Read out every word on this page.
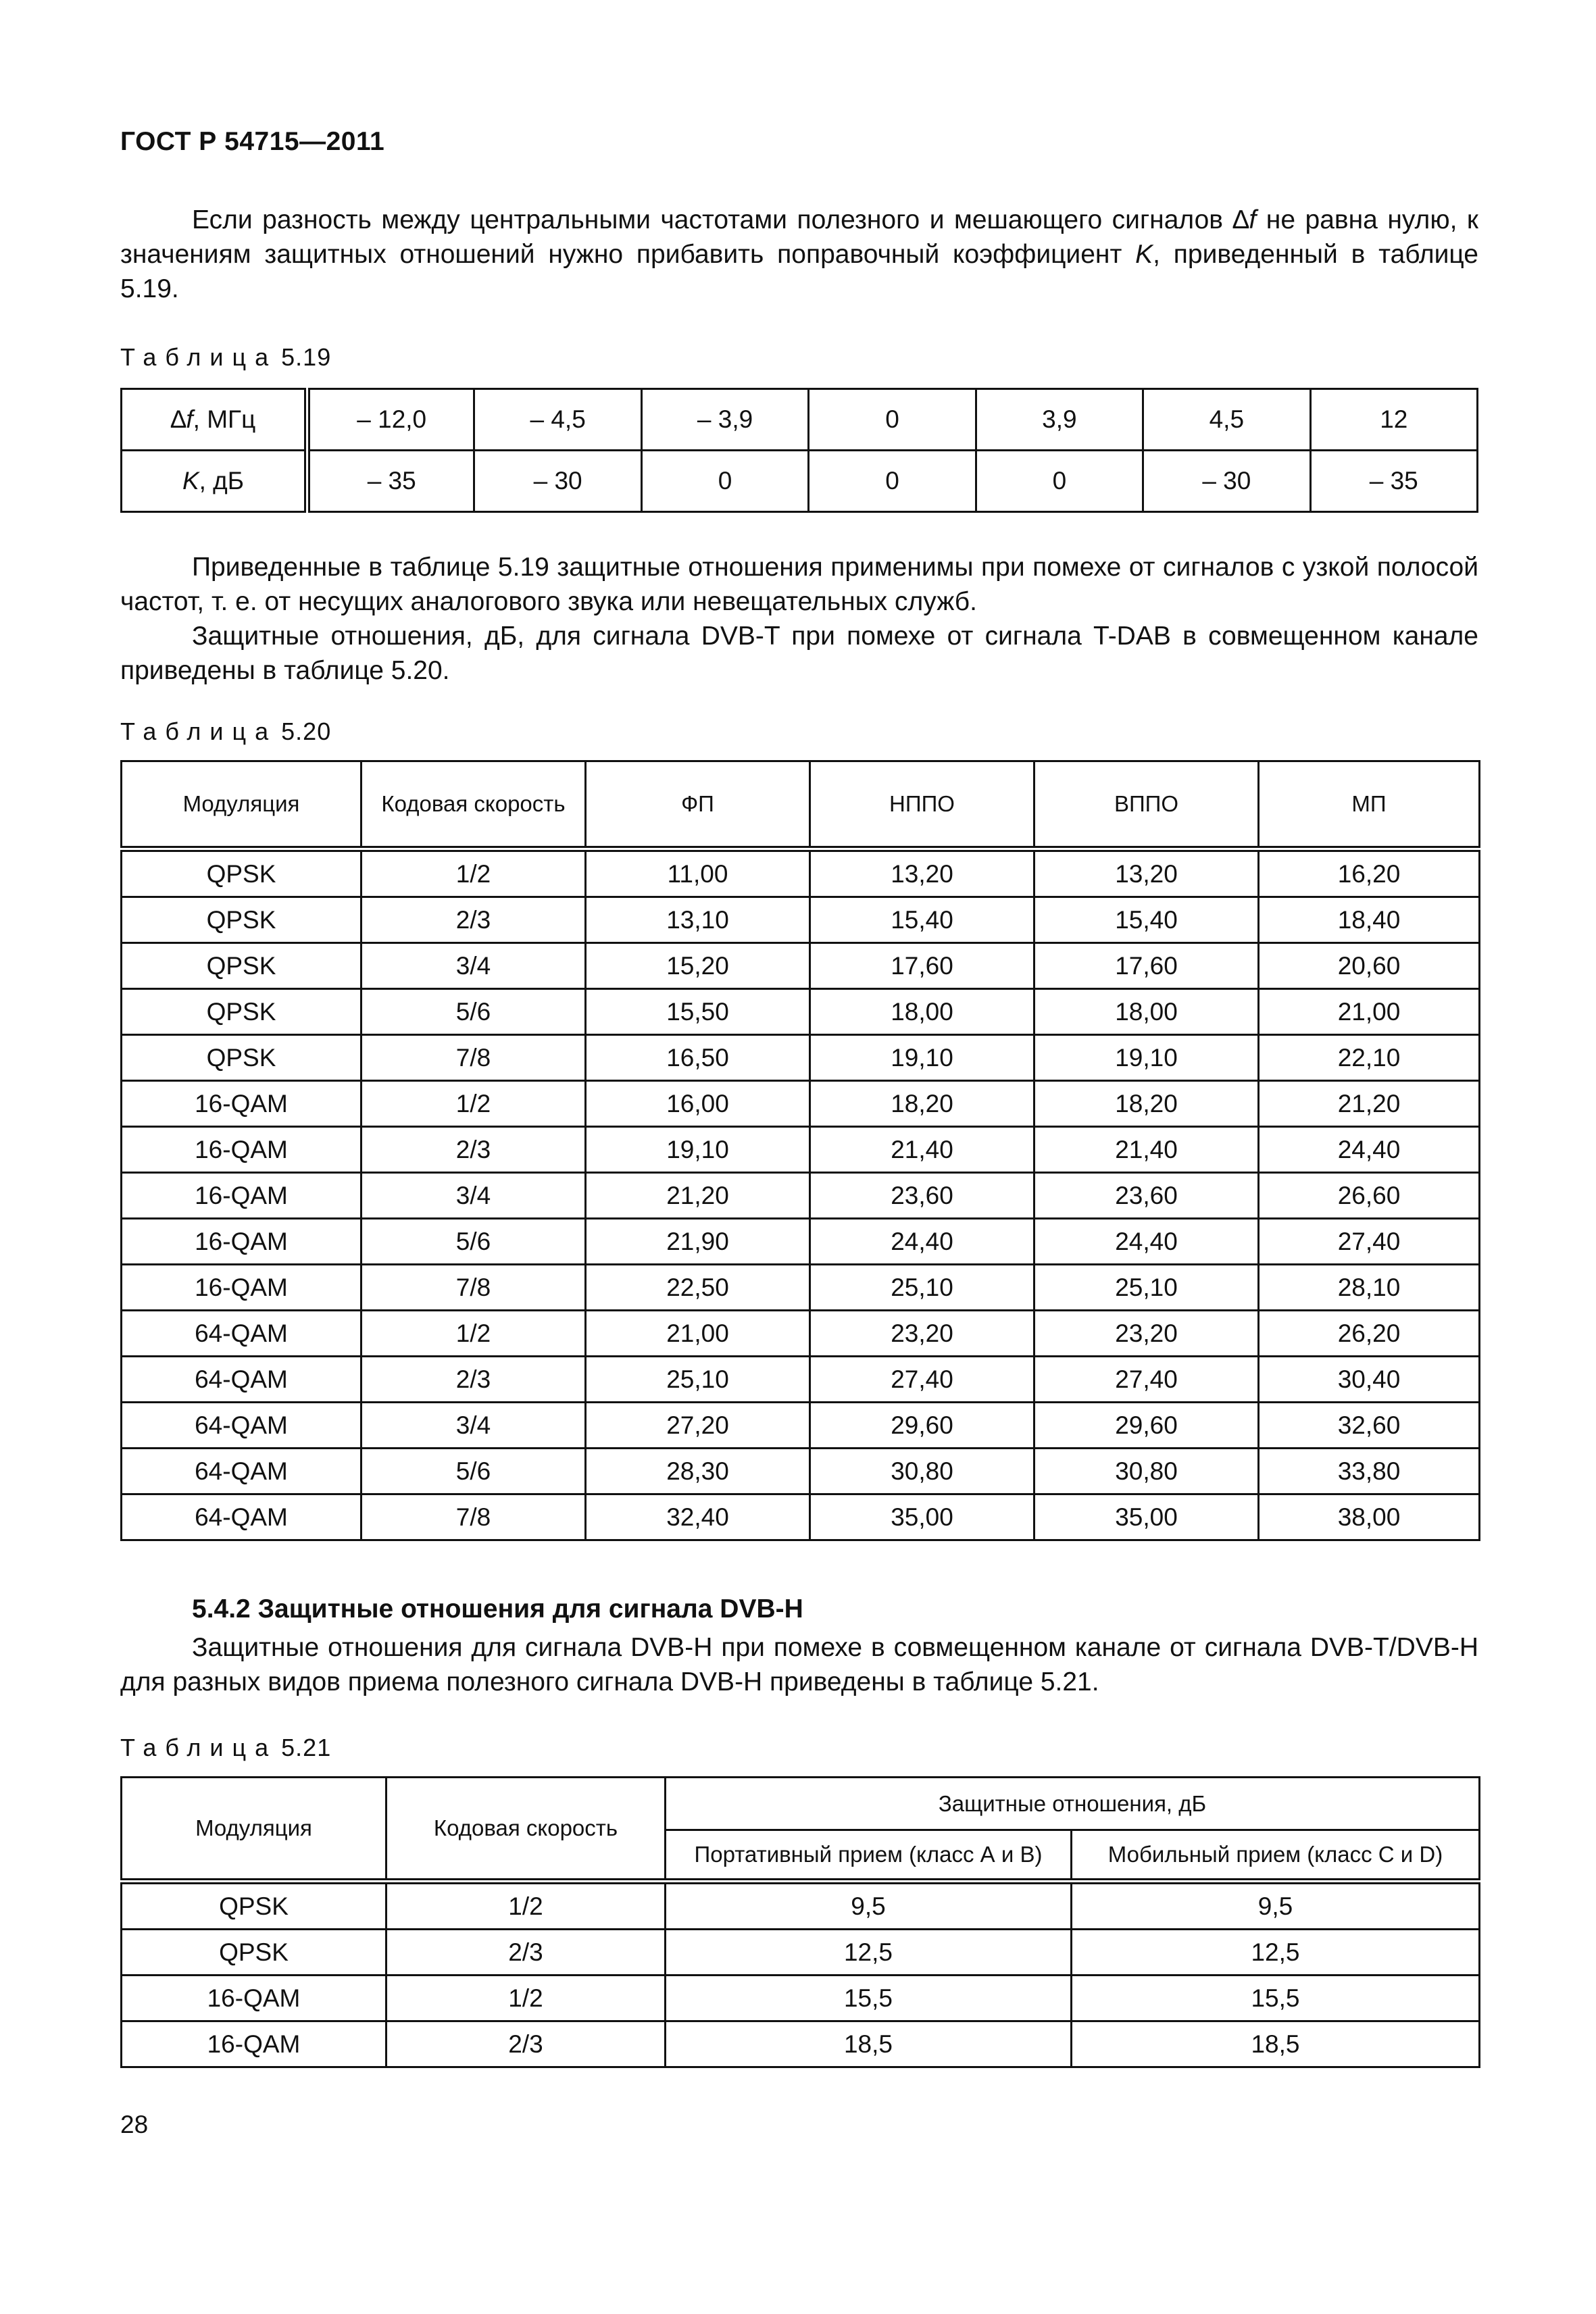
ГОСТ Р 54715—2011
Если разность между центральными частотами полезного и мешающего сигналов ∆f не равна нулю, к значениям защитных отношений нужно прибавить поправочный коэффициент K, приведенный в таблице 5.19.
Таблица 5.19
∆f, МГц	– 12,0	– 4,5	– 3,9	0	3,9	4,5	12
K, дБ	– 35	– 30	0	0	0	– 30	– 35
Приведенные в таблице 5.19 защитные отношения применимы при помехе от сигналов с узкой полосой частот, т. е. от несущих аналогового звука или невещательных служб.
Защитные отношения, дБ, для сигнала DVB-T при помехе от сигнала T-DAB в совмещенном канале приведены в таблице 5.20.
Таблица 5.20
Модуляция	Кодовая скорость	ФП	НППО	ВППО	МП
QPSK	1/2	11,00	13,20	13,20	16,20
QPSK	2/3	13,10	15,40	15,40	18,40
QPSK	3/4	15,20	17,60	17,60	20,60
QPSK	5/6	15,50	18,00	18,00	21,00
QPSK	7/8	16,50	19,10	19,10	22,10
16-QAM	1/2	16,00	18,20	18,20	21,20
16-QAM	2/3	19,10	21,40	21,40	24,40
16-QAM	3/4	21,20	23,60	23,60	26,60
16-QAM	5/6	21,90	24,40	24,40	27,40
16-QAM	7/8	22,50	25,10	25,10	28,10
64-QAM	1/2	21,00	23,20	23,20	26,20
64-QAM	2/3	25,10	27,40	27,40	30,40
64-QAM	3/4	27,20	29,60	29,60	32,60
64-QAM	5/6	28,30	30,80	30,80	33,80
64-QAM	7/8	32,40	35,00	35,00	38,00
5.4.2 Защитные отношения для сигнала DVB-H
Защитные отношения для сигнала DVB-H при помехе в совмещенном канале от сигнала DVB-T/DVB-H для разных видов приема полезного сигнала DVB-H приведены в таблице 5.21.
Таблица 5.21
Модуляция	Кодовая скорость	Защитные отношения, дБ	
		Портативный прием (класс А и В)	Мобильный прием (класс С и D)
QPSK	1/2	9,5	9,5
QPSK	2/3	12,5	12,5
16-QAM	1/2	15,5	15,5
16-QAM	2/3	18,5	18,5
28
